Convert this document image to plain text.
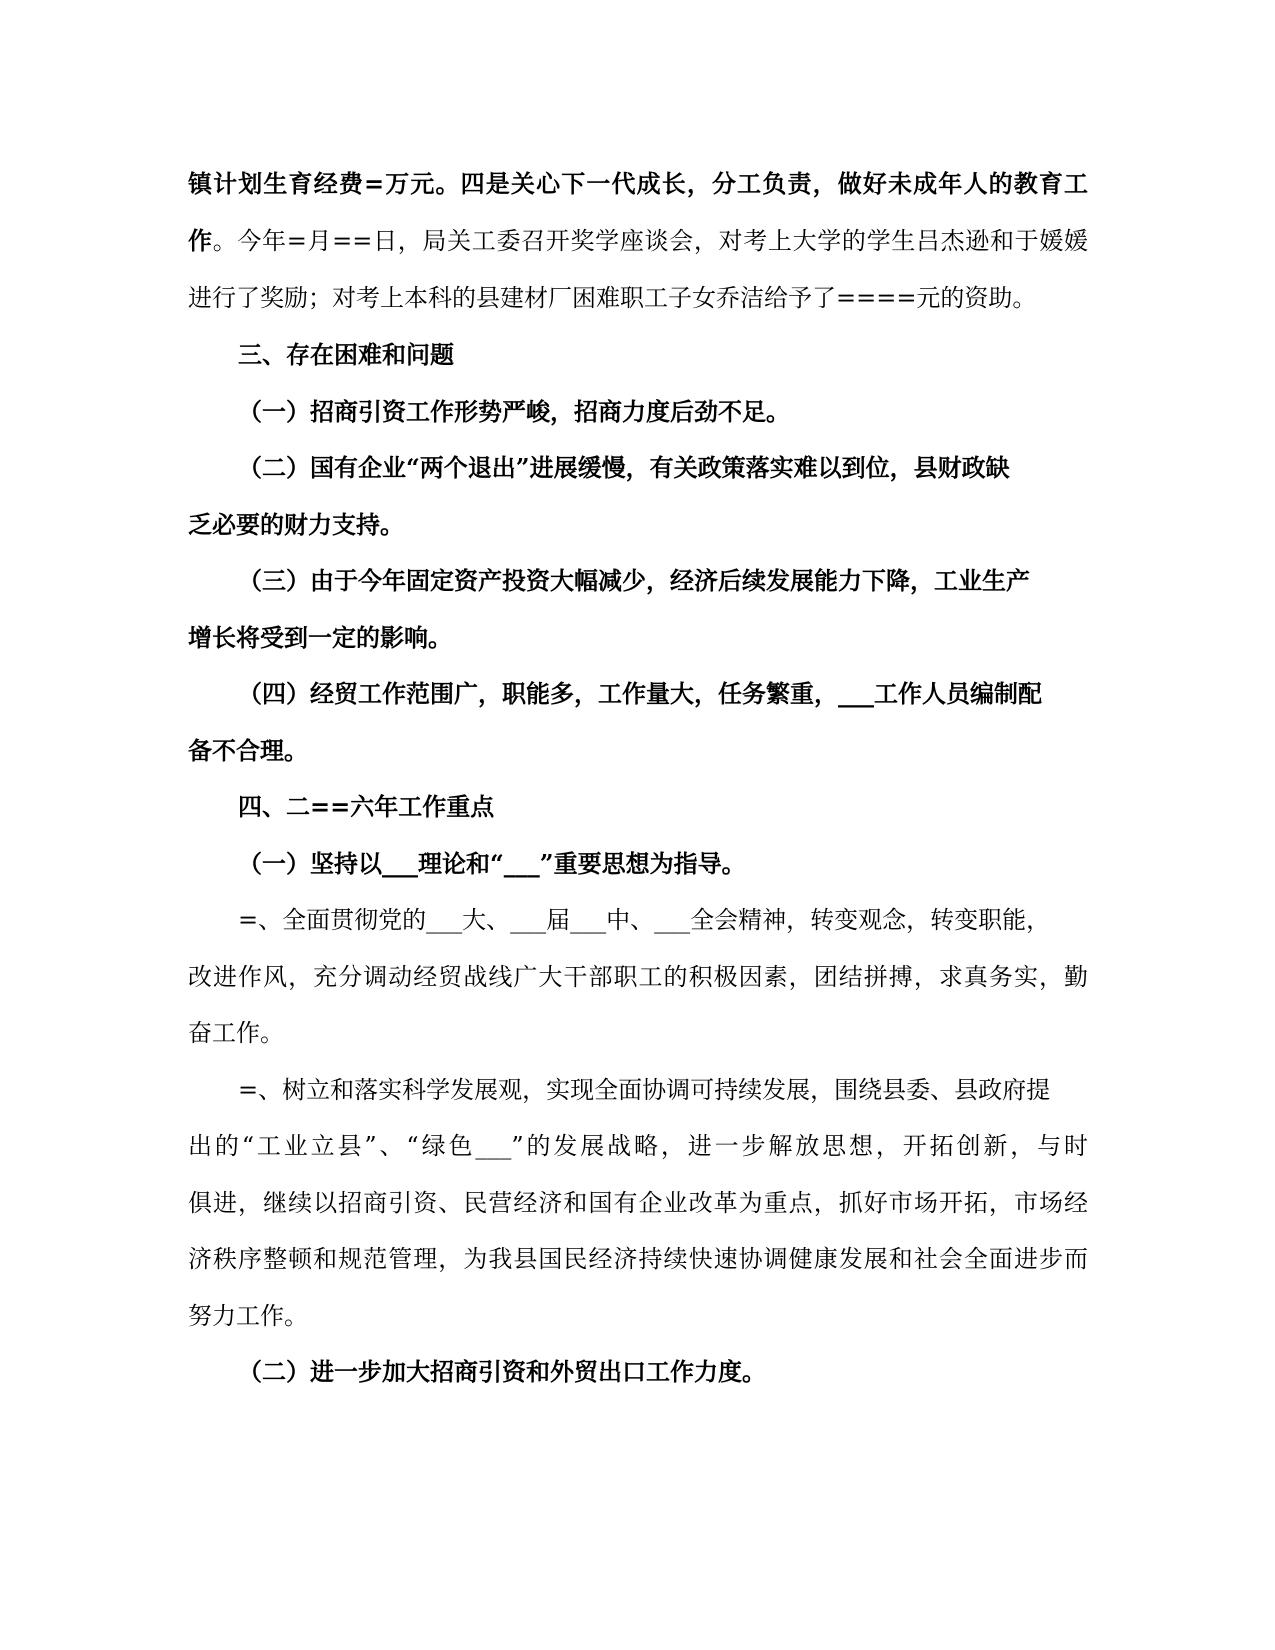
镇计划生育经费=万元。四是关心下一代成长，分工负责，做好未成年人的教育工
作。今年=月==日，局关工委召开奖学座谈会，对考上大学的学生吕杰逊和于媛媛
进行了奖励；对考上本科的县建材厂困难职工子女乔洁给予了====元的资助。
三、存在困难和问题
（一）招商引资工作形势严峻，招商力度后劲不足。
（二）国有企业“两个退出”进展缓慢，有关政策落实难以到位，县财政缺
乏必要的财力支持。
（三）由于今年固定资产投资大幅减少，经济后续发展能力下降，工业生产
增长将受到一定的影响。
（四）经贸工作范围广，职能多，工作量大，任务繁重，___工作人员编制配
备不合理。
四、二==六年工作重点
（一）坚持以___理论和“___”重要思想为指导。
=、全面贯彻党的___大、___届___中、___全会精神，转变观念，转变职能，
改进作风，充分调动经贸战线广大干部职工的积极因素，团结拼搏，求真务实，勤
奋工作。
=、树立和落实科学发展观，实现全面协调可持续发展，围绕县委、县政府提
出的“工业立县”、“绿色___”的发展战略，进一步解放思想，开拓创新，与时
俱进，继续以招商引资、民营经济和国有企业改革为重点，抓好市场开拓，市场经
济秩序整顿和规范管理，为我县国民经济持续快速协调健康发展和社会全面进步而
努力工作。
（二）进一步加大招商引资和外贸出口工作力度。
